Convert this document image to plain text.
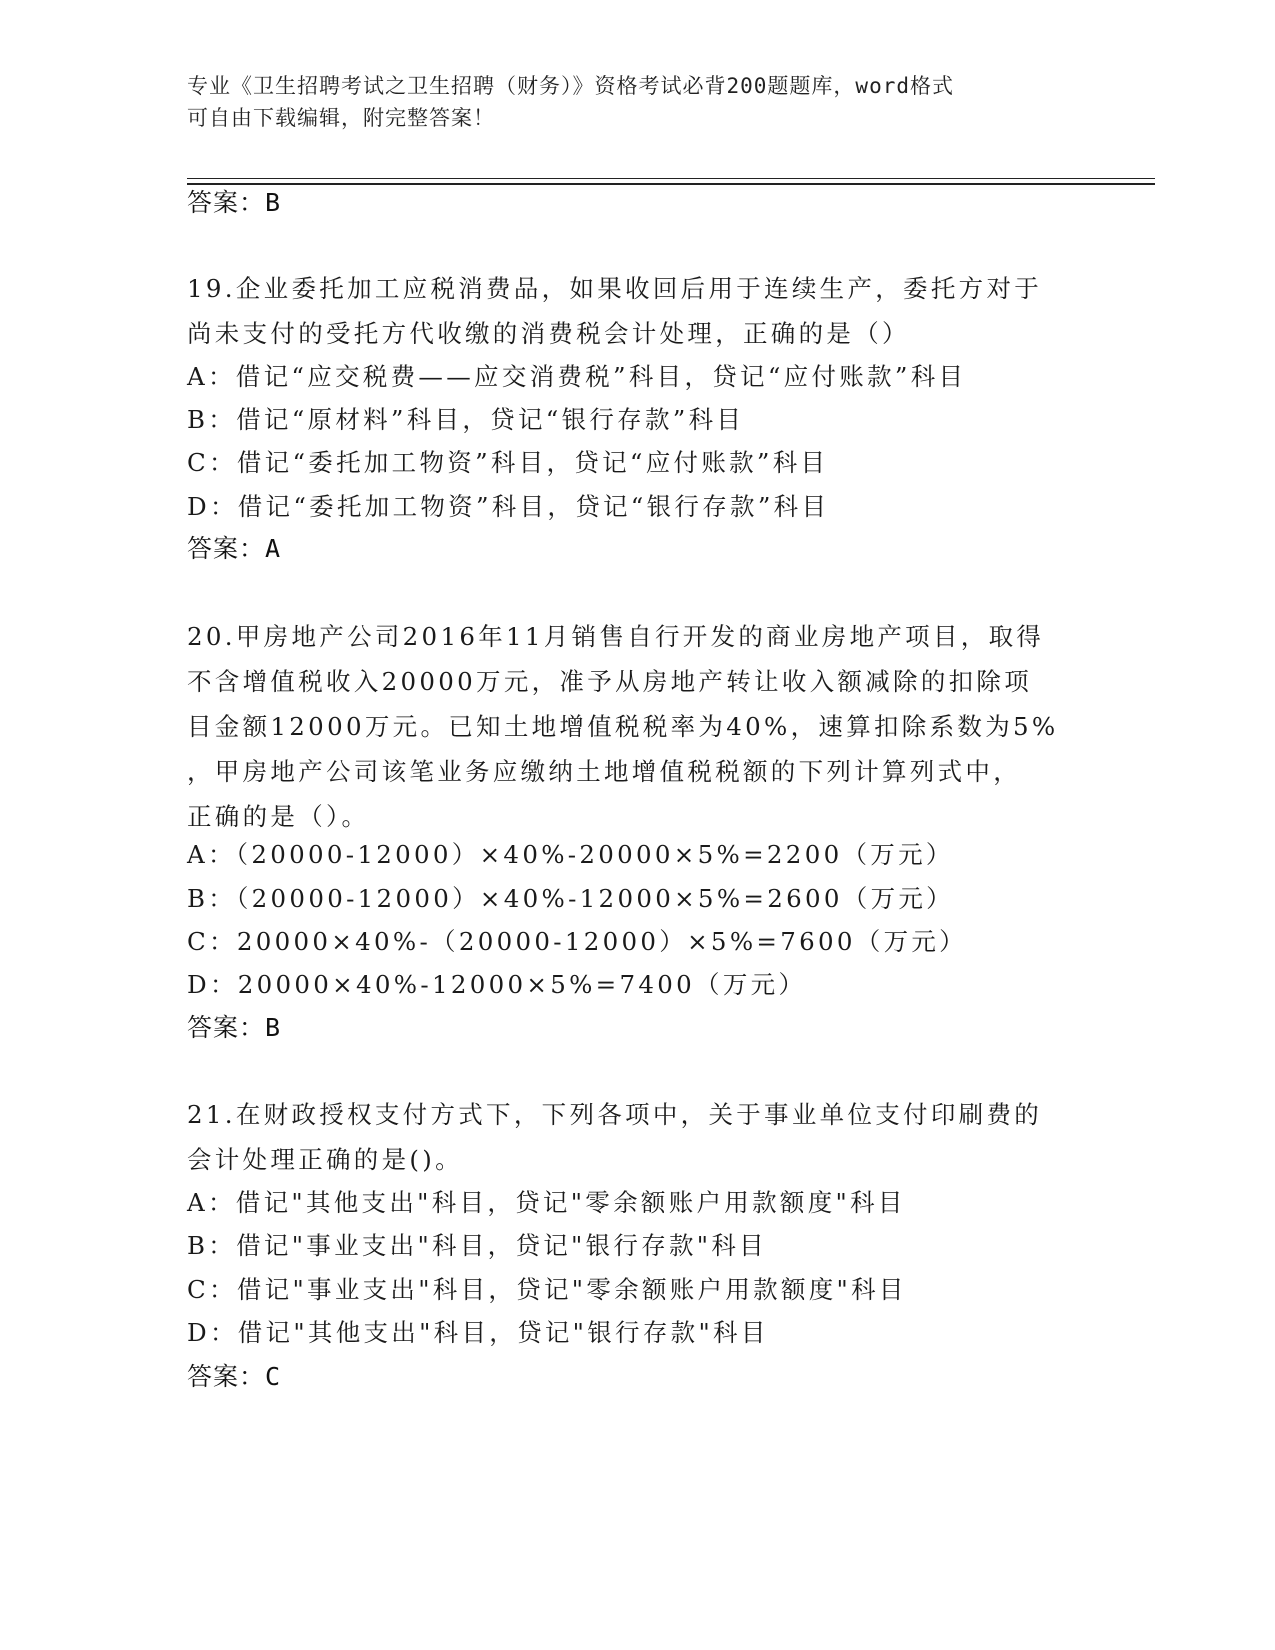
专业《卫生招聘考试之卫生招聘（财务）》资格考试必背200题题库，word格式
可自由下载编辑，附完整答案！
答案：B

19.企业委托加工应税消费品，如果收回后用于连续生产，委托方对于

尚未支付的受托方代收缴的消费税会计处理，正确的是（）

A：借记“应交税费——应交消费税”科目，贷记“应付账款”科目
B：借记“原材料”科目，贷记“银行存款”科目
C：借记“委托加工物资”科目，贷记“应付账款”科目
D：借记“委托加工物资”科目，贷记“银行存款”科目
答案：A

20.甲房地产公司2016年11月销售自行开发的商业房地产项目，取得

不含增值税收入20000万元，准予从房地产转让收入额减除的扣除项

目金额12000万元。已知土地增值税税率为40%，速算扣除系数为5%

，甲房地产公司该笔业务应缴纳土地增值税税额的下列计算列式中，

正确的是（）。

A：（20000-12000）×40%-20000×5%=2200（万元）
B：（20000-12000）×40%-12000×5%=2600（万元）
C：20000×40%-（20000-12000）×5%=7600（万元）
D：20000×40%-12000×5%=7400（万元）
答案：B

21.在财政授权支付方式下，下列各项中，关于事业单位支付印刷费的

会计处理正确的是()。

A：借记"其他支出"科目，贷记"零余额账户用款额度"科目
B：借记"事业支出"科目，贷记"银行存款"科目
C：借记"事业支出"科目，贷记"零余额账户用款额度"科目
D：借记"其他支出"科目，贷记"银行存款"科目
答案：C
